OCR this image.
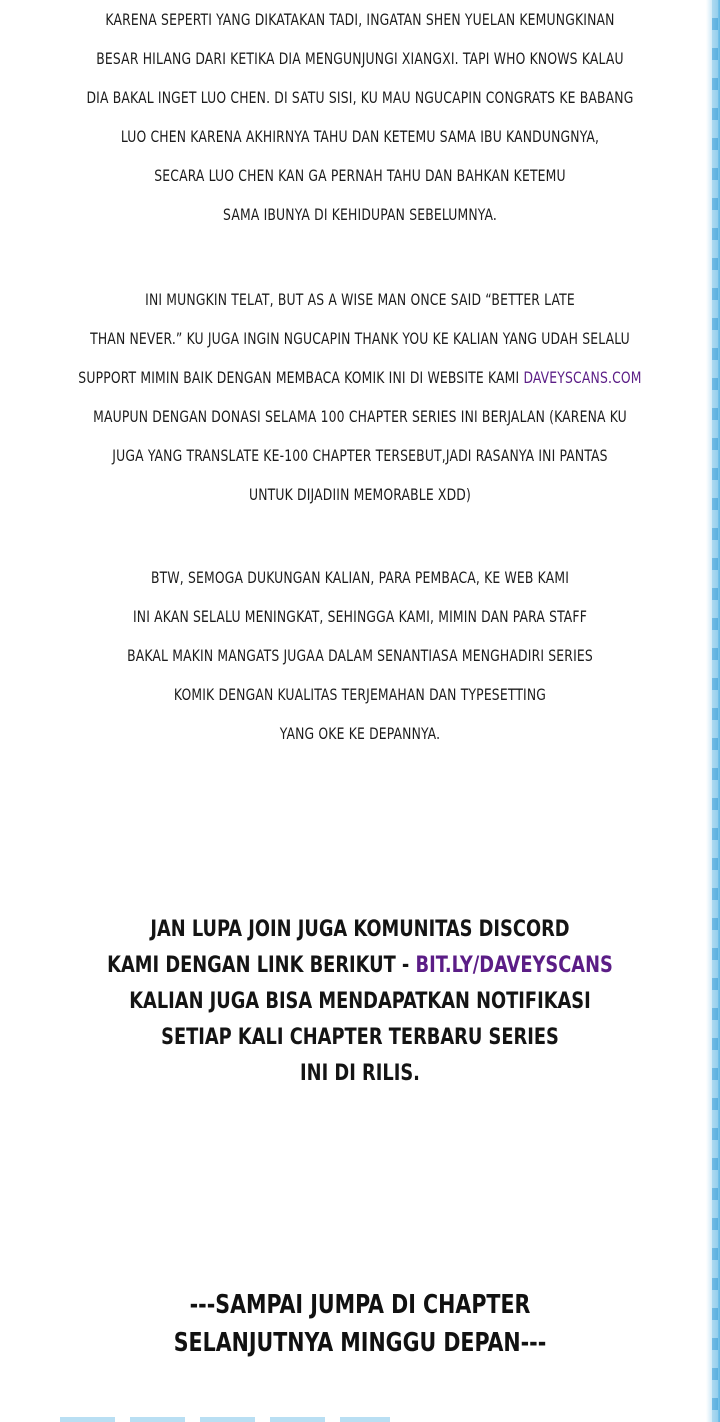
KARENA SEPERTI YANG DIKATAKAN TADI, INGATAN SHEN YUELAN KEMUNGKINAN
BESAR HILANG DARI KETIKA DIA MENGUNJUNGI XIANGXI. TAPI WHO KNOWS KALAU
DIA BAKAL INGET LUO CHEN. DI SATU SISI, KU MAU NGUCAPIN CONGRATS KE BABANG
LUO CHEN KARENA AKHIRNYA TAHU DAN KETEMU SAMA IBU KANDUNGNYA,
SECARA LUO CHEN KAN GA PERNAH TAHU DAN BAHKAN KETEMU
SAMA IBUNYA DI KEHIDUPAN SEBELUMNYA.
INI MUNGKIN TELAT, BUT AS A WISE MAN ONCE SAID “BETTER LATE
THAN NEVER.” KU JUGA INGIN NGUCAPIN THANK YOU KE KALIAN YANG UDAH SELALU
SUPPORT MIMIN BAIK DENGAN MEMBACA KOMIK INI DI WEBSITE KAMI DAVEYSCANS.COM
MAUPUN DENGAN DONASI SELAMA 100 CHAPTER SERIES INI BERJALAN (KARENA KU
JUGA YANG TRANSLATE KE-100 CHAPTER TERSEBUT,JADI RASANYA INI PANTAS
UNTUK DIJADIIN MEMORABLE XDD)
BTW, SEMOGA DUKUNGAN KALIAN, PARA PEMBACA, KE WEB KAMI
INI AKAN SELALU MENINGKAT, SEHINGGA KAMI, MIMIN DAN PARA STAFF
BAKAL MAKIN MANGATS JUGAA DALAM SENANTIASA MENGHADIRI SERIES
KOMIK DENGAN KUALITAS TERJEMAHAN DAN TYPESETTING
YANG OKE KE DEPANNYA.
JAN LUPA JOIN JUGA KOMUNITAS DISCORD
KAMI DENGAN LINK BERIKUT - BIT.LY/DAVEYSCANS
KALIAN JUGA BISA MENDAPATKAN NOTIFIKASI
SETIAP KALI CHAPTER TERBARU SERIES
INI DI RILIS.
---SAMPAI JUMPA DI CHAPTER
SELANJUTNYA MINGGU DEPAN---
